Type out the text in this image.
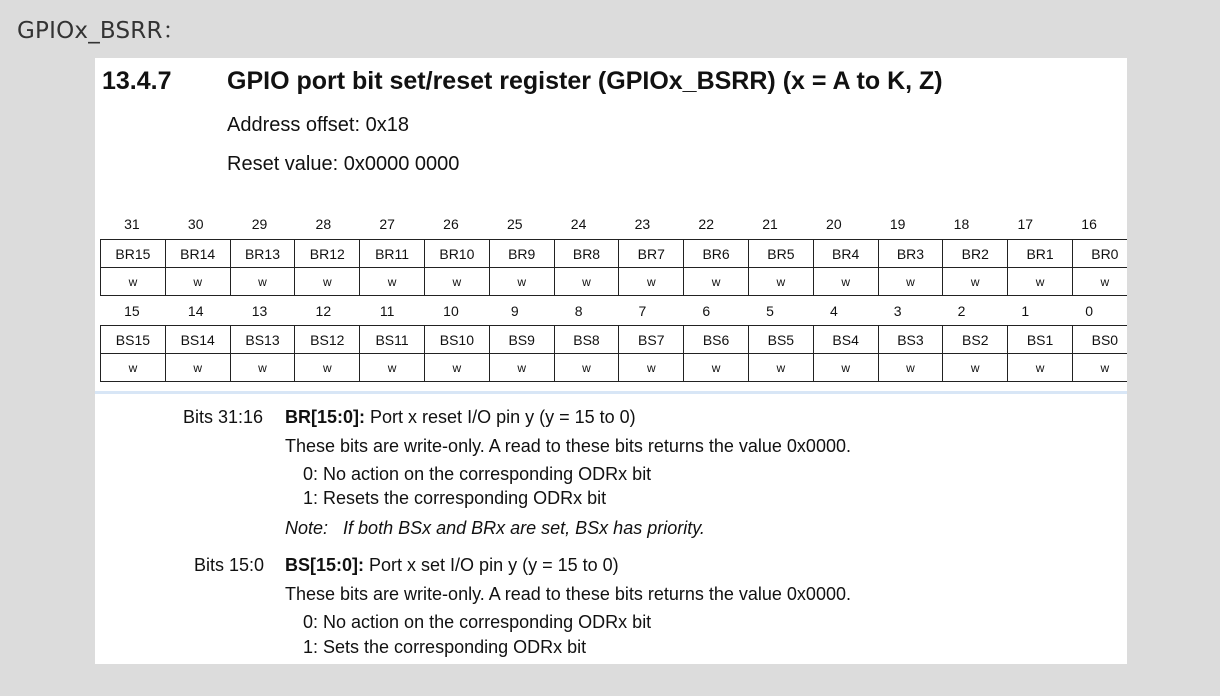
GPIOx_BSRR：
13.4.7 GPIO port bit set/reset register (GPIOx_BSRR) (x = A to K, Z)
Address offset: 0x18
Reset value: 0x0000 0000
31	30	29	28	27	26	25	24	23	22	21	20	19	18	17	16
BR15	BR14	BR13	BR12	BR11	BR10	BR9	BR8	BR7	BR6	BR5	BR4	BR3	BR2	BR1	BR0
w	w	w	w	w	w	w	w	w	w	w	w	w	w	w	w
15	14	13	12	11	10	9	8	7	6	5	4	3	2	1	0
BS15	BS14	BS13	BS12	BS11	BS10	BS9	BS8	BS7	BS6	BS5	BS4	BS3	BS2	BS1	BS0
w	w	w	w	w	w	w	w	w	w	w	w	w	w	w	w
Bits 31:16 BR[15:0]: Port x reset I/O pin y (y = 15 to 0)
These bits are write-only. A read to these bits returns the value 0x0000.
0: No action on the corresponding ODRx bit
1: Resets the corresponding ODRx bit
Note: If both BSx and BRx are set, BSx has priority.
Bits 15:0 BS[15:0]: Port x set I/O pin y (y = 15 to 0)
These bits are write-only. A read to these bits returns the value 0x0000.
0: No action on the corresponding ODRx bit
1: Sets the corresponding ODRx bit
